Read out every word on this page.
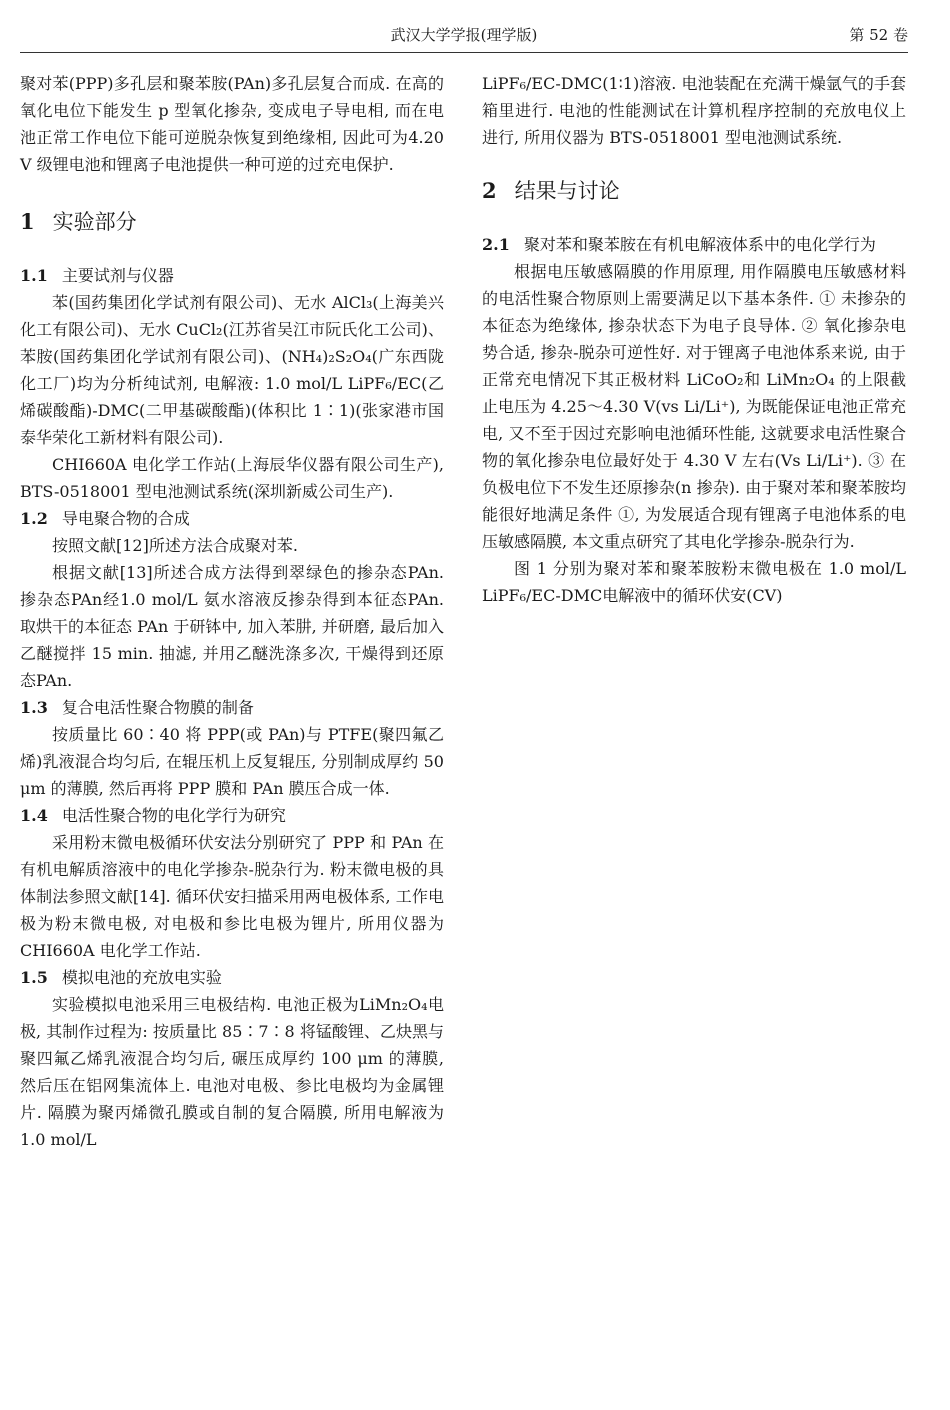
武汉大学学报(理学版)	第 52 卷

聚对苯(PPP)多孔层和聚苯胺(PAn)多孔层复合而成. 在高的氧化电位下能发生 p 型氧化掺杂, 变成电子导电相, 而在电池正常工作电位下能可逆脱杂恢复到绝缘相, 因此可为4.20 V 级锂电池和锂离子电池提供一种可逆的过充电保护.

1 实验部分
1.1 主要试剂与仪器

苯(国药集团化学试剂有限公司)、无水 AlCl₃(上海美兴化工有限公司)、无水 CuCl₂(江苏省吴江市阮氏化工公司)、苯胺(国药集团化学试剂有限公司)、(NH₄)₂S₂O₄(广东西陇化工厂)均为分析纯试剂, 电解液: 1.0 mol/L LiPF₆/EC(乙烯碳酸酯)-DMC(二甲基碳酸酯)(体积比 1∶1)(张家港市国泰华荣化工新材料有限公司).

CHI660A 电化学工作站(上海辰华仪器有限公司生产), BTS-0518001 型电池测试系统(深圳新威公司生产).

1.2 导电聚合物的合成

按照文献[12]所述方法合成聚对苯.

根据文献[13]所述合成方法得到翠绿色的掺杂态PAn. 掺杂态PAn经1.0 mol/L 氨水溶液反掺杂得到本征态PAn. 取烘干的本征态 PAn 于研钵中, 加入苯肼, 并研磨, 最后加入乙醚搅拌 15 min. 抽滤, 并用乙醚洗涤多次, 干燥得到还原态PAn.

1.3 复合电活性聚合物膜的制备

按质量比 60∶40 将 PPP(或 PAn)与 PTFE(聚四氟乙烯)乳液混合均匀后, 在辊压机上反复辊压, 分别制成厚约 50 μm 的薄膜, 然后再将 PPP 膜和 PAn 膜压合成一体.

1.4 电活性聚合物的电化学行为研究

采用粉末微电极循环伏安法分别研究了 PPP 和 PAn 在有机电解质溶液中的电化学掺杂-脱杂行为. 粉末微电极的具体制法参照文献[14]. 循环伏安扫描采用两电极体系, 工作电极为粉末微电极, 对电极和参比电极为锂片, 所用仪器为 CHI660A 电化学工作站.

1.5 模拟电池的充放电实验

实验模拟电池采用三电极结构. 电池正极为LiMn₂O₄电极, 其制作过程为: 按质量比 85∶7∶8 将锰酸锂、乙炔黑与聚四氟乙烯乳液混合均匀后, 碾压成厚约 100 μm 的薄膜, 然后压在铝网集流体上. 电池对电极、参比电极均为金属锂片. 隔膜为聚丙烯微孔膜或自制的复合隔膜, 所用电解液为1.0 mol/L

LiPF₆/EC-DMC(1∶1)溶液. 电池装配在充满干燥氩气的手套箱里进行. 电池的性能测试在计算机程序控制的充放电仪上进行, 所用仪器为 BTS-0518001 型电池测试系统.

2 结果与讨论
2.1 聚对苯和聚苯胺在有机电解液体系中的电化学行为

根据电压敏感隔膜的作用原理, 用作隔膜电压敏感材料的电活性聚合物原则上需要满足以下基本条件. ① 未掺杂的本征态为绝缘体, 掺杂状态下为电子良导体. ② 氧化掺杂电势合适, 掺杂-脱杂可逆性好. 对于锂离子电池体系来说, 由于正常充电情况下其正极材料 LiCoO₂和 LiMn₂O₄ 的上限截止电压为 4.25～4.30 V(vs Li/Li⁺), 为既能保证电池正常充电, 又不至于因过充影响电池循环性能, 这就要求电活性聚合物的氧化掺杂电位最好处于 4.30 V 左右(Vs Li/Li⁺). ③ 在负极电位下不发生还原掺杂(n 掺杂). 由于聚对苯和聚苯胺均能很好地满足条件 ①, 为发展适合现有锂离子电池体系的电压敏感隔膜, 本文重点研究了其电化学掺杂-脱杂行为.

图 1 分别为聚对苯和聚苯胺粉末微电极在 1.0 mol/L LiPF₆/EC-DMC电解液中的循环伏安(CV)
